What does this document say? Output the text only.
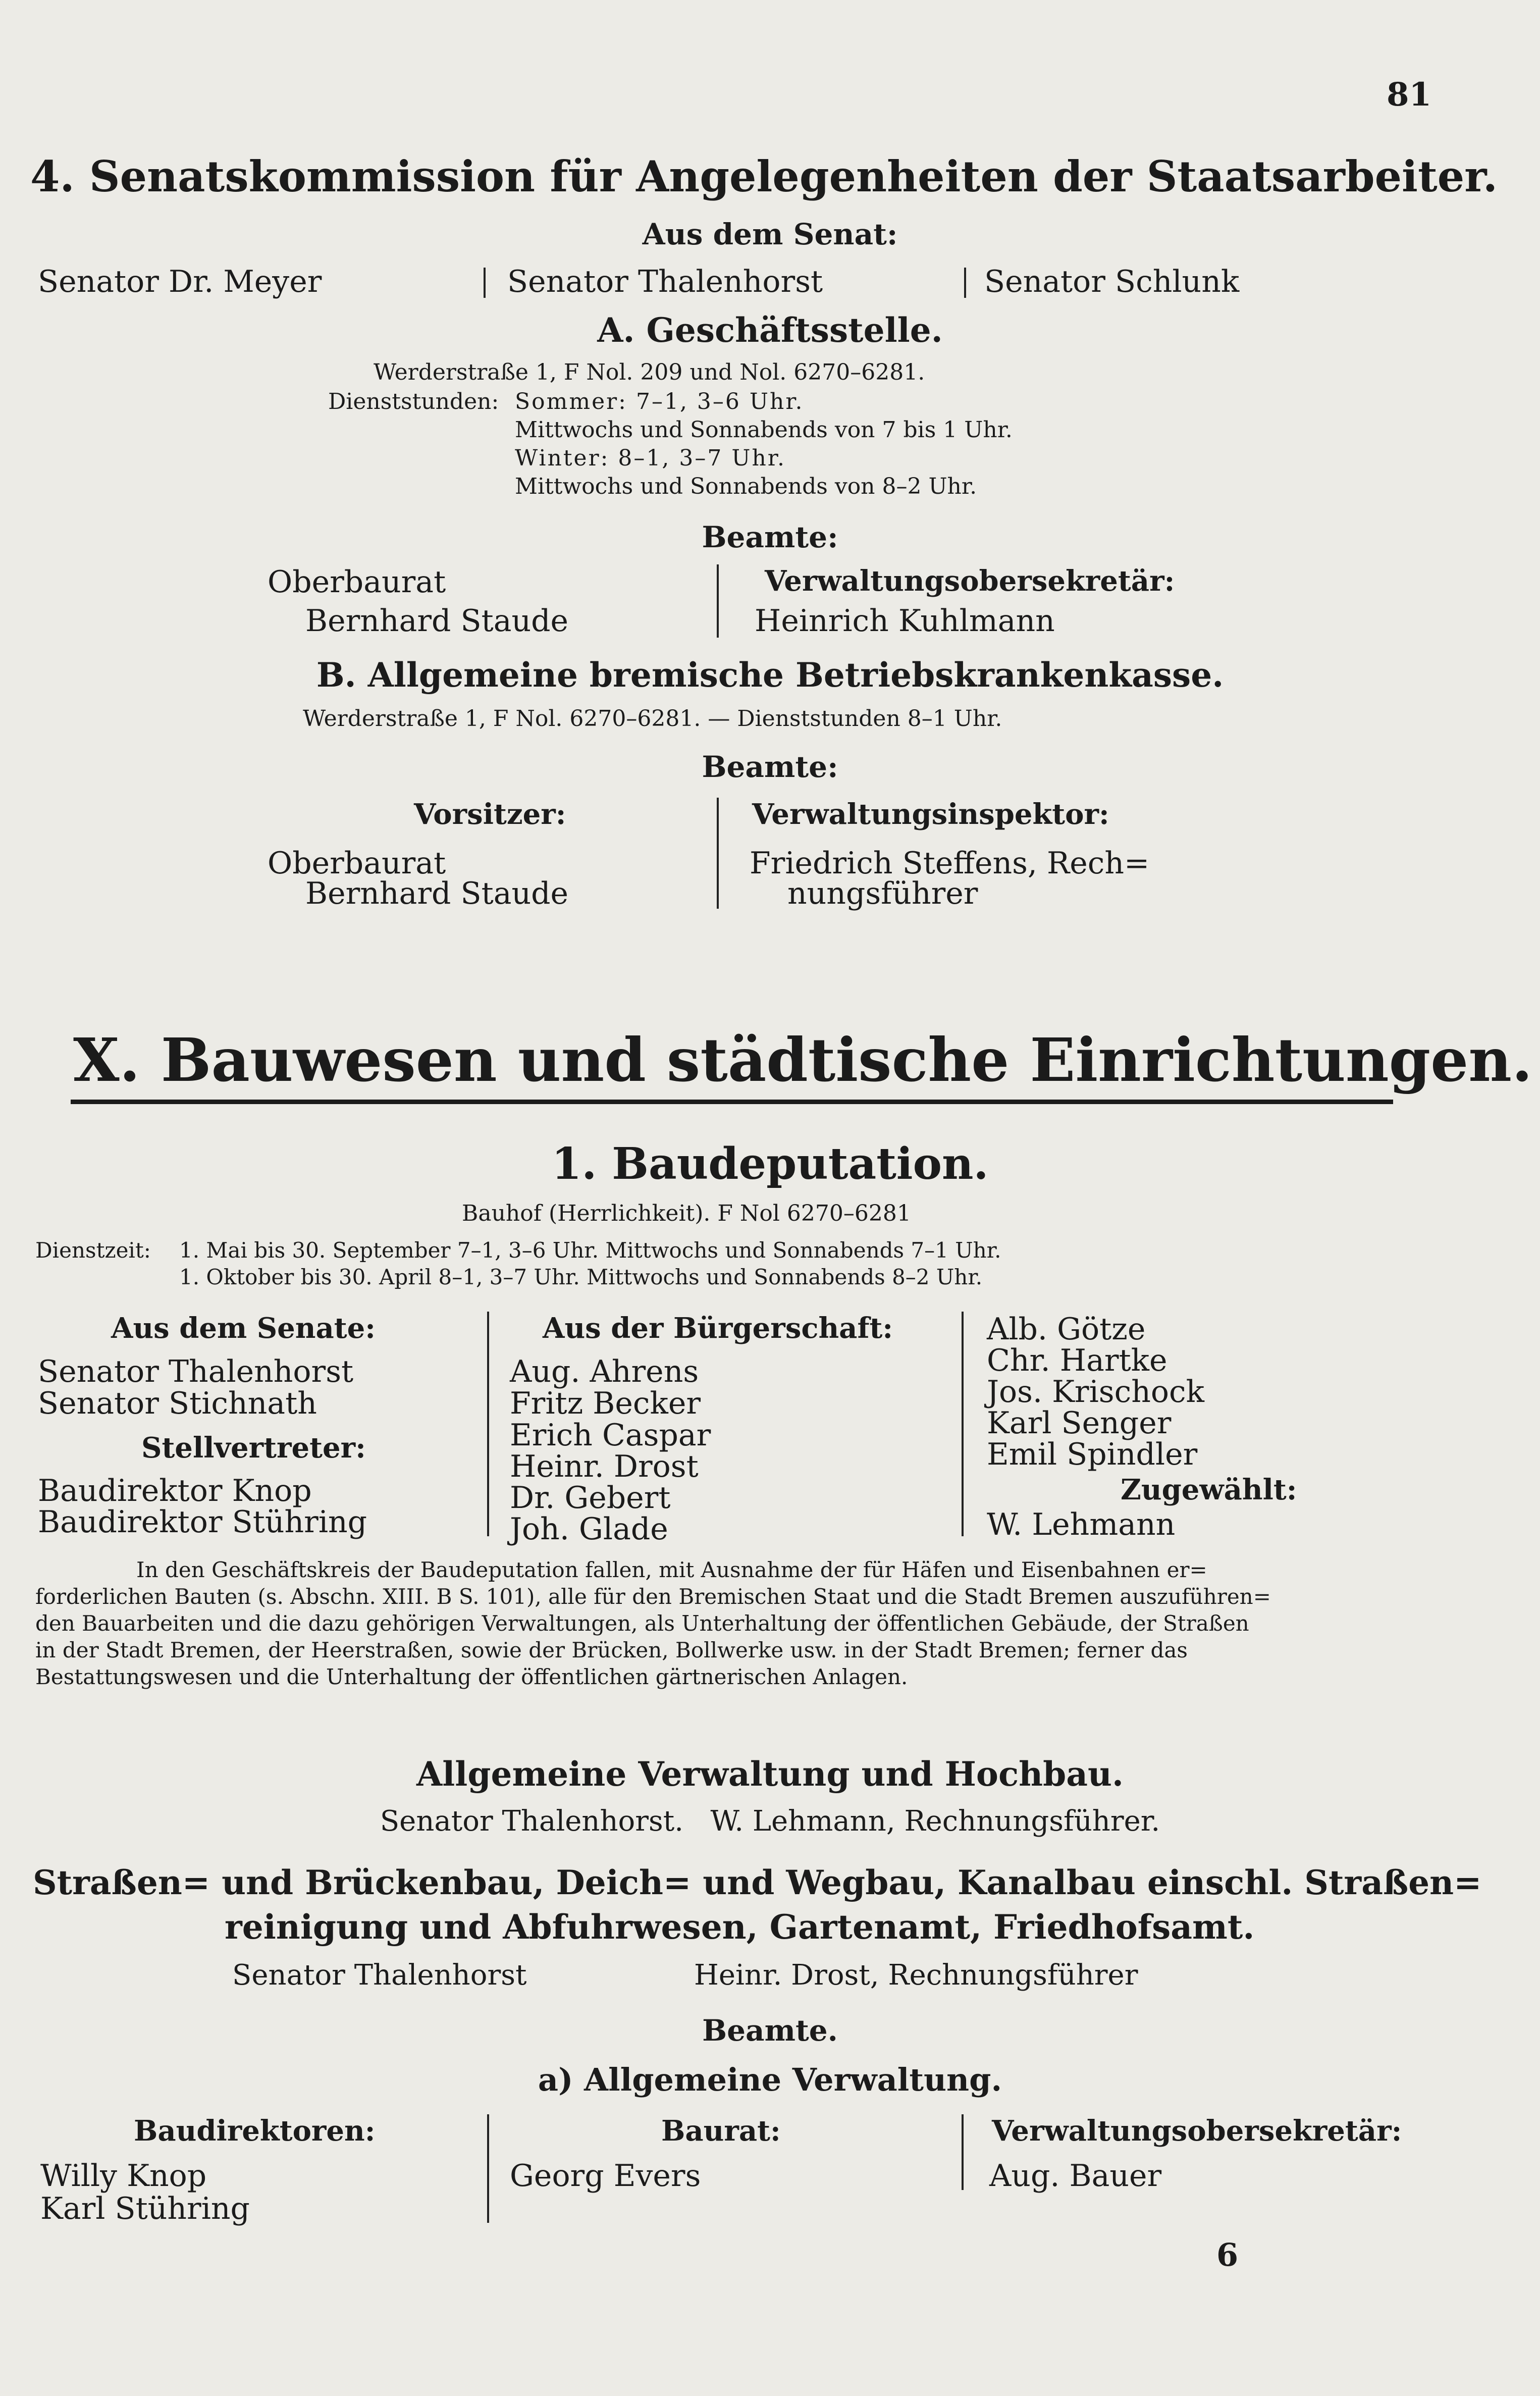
81
4. Senatskommission für Angelegenheiten der Staatsarbeiter.
Aus dem Senat:
Senator Dr. Meyer	Senator Thalenhorst	Senator Schlunk
A. Geschäftsstelle.
Werderstraße 1, F Nol. 209 und Nol. 6270–6281.
Dienststunden: Sommer: 7–1, 3–6 Uhr.
Mittwochs und Sonnabends von 7 bis 1 Uhr.
Winter: 8–1, 3–7 Uhr.
Mittwochs und Sonnabends von 8–2 Uhr.
Beamte:
Oberbaurat
Bernhard Staude
Verwaltungsobersekretär:
Heinrich Kuhlmann
B. Allgemeine bremische Betriebskrankenkasse.
Werderstraße 1, F Nol. 6270–6281. — Dienststunden 8–1 Uhr.
Beamte:
Vorsitzer:
Oberbaurat
Bernhard Staude
Verwaltungsinspektor:
Friedrich Steffens, Rech=
nungsführer
X. Bauwesen und städtische Einrichtungen.
1. Baudeputation.
Bauhof (Herrlichkeit). F Nol 6270–6281
Dienstzeit: 1. Mai bis 30. September 7–1, 3–6 Uhr. Mittwochs und Sonnabends 7–1 Uhr.
1. Oktober bis 30. April 8–1, 3–7 Uhr. Mittwochs und Sonnabends 8–2 Uhr.
Aus dem Senate:
Senator Thalenhorst
Senator Stichnath
Stellvertreter:
Baudirektor Knop
Baudirektor Stühring
Aus der Bürgerschaft:
Aug. Ahrens
Fritz Becker
Erich Caspar
Heinr. Drost
Dr. Gebert
Joh. Glade
Alb. Götze
Chr. Hartke
Jos. Krischock
Karl Senger
Emil Spindler
Zugewählt:
W. Lehmann
In den Geschäftskreis der Baudeputation fallen, mit Ausnahme der für Häfen und Eisenbahnen er=
forderlichen Bauten (s. Abschn. XIII. B S. 101), alle für den Bremischen Staat und die Stadt Bremen auszuführen=
den Bauarbeiten und die dazu gehörigen Verwaltungen, als Unterhaltung der öffentlichen Gebäude, der Straßen
in der Stadt Bremen, der Heerstraßen, sowie der Brücken, Bollwerke usw. in der Stadt Bremen; ferner das
Bestattungswesen und die Unterhaltung der öffentlichen gärtnerischen Anlagen.
Allgemeine Verwaltung und Hochbau.
Senator Thalenhorst.   W. Lehmann, Rechnungsführer.
Straßen= und Brückenbau, Deich= und Wegbau, Kanalbau einschl. Straßen=
reinigung und Abfuhrwesen, Gartenamt, Friedhofsamt.
Senator Thalenhorst	Heinr. Drost, Rechnungsführer
Beamte.
a) Allgemeine Verwaltung.
Baudirektoren:
Willy Knop
Karl Stühring
Baurat:
Georg Evers
Verwaltungsobersekretär:
Aug. Bauer
6
